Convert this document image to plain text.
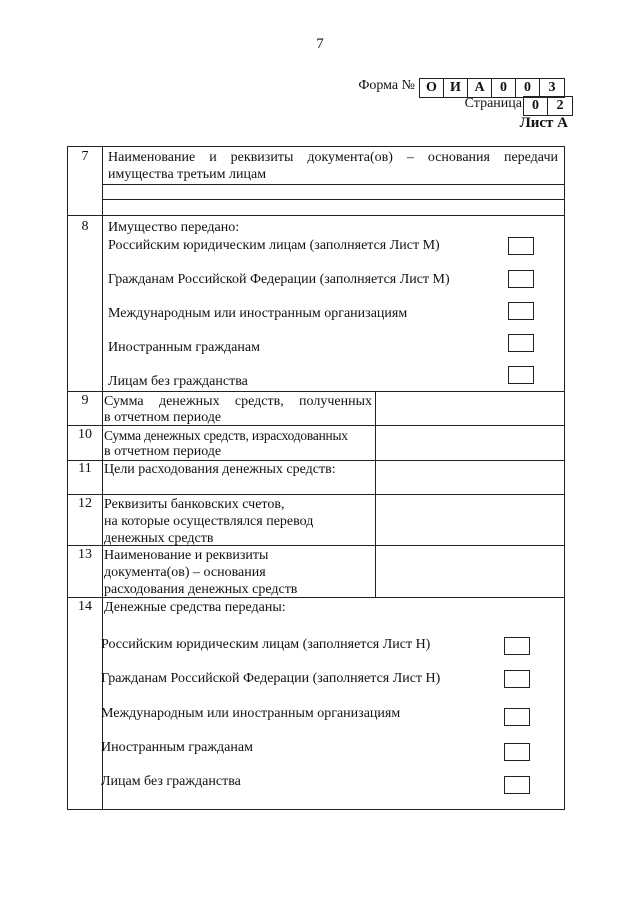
7
Форма № О И А	0	0	3
Страница 0	2
Лист А
7	Наименование и реквизиты документа(ов) – основания передачи
имущества третьим лицам
8	Имущество передано:
Российским юридическим лицам (заполняется Лист М)
Гражданам Российской Федерации (заполняется Лист М)
Международным или иностранным организациям
Иностранным гражданам
Лицам без гражданства
9	Сумма денежных средств, полученных
в отчетном периоде
10 Сумма денежных средств, израсходованных
в отчетном периоде
11 Цели расходования денежных средств:
12 Реквизиты банковских счетов,
на которые осуществлялся перевод
денежных средств
13 Наименование и реквизиты
документа(ов) – основания
расходования денежных средств
14 Денежные средства переданы:
Российским юридическим лицам (заполняется Лист Н)
Гражданам Российской Федерации (заполняется Лист Н)
Международным или иностранным организациям
Иностранным гражданам
Лицам без гражданства
